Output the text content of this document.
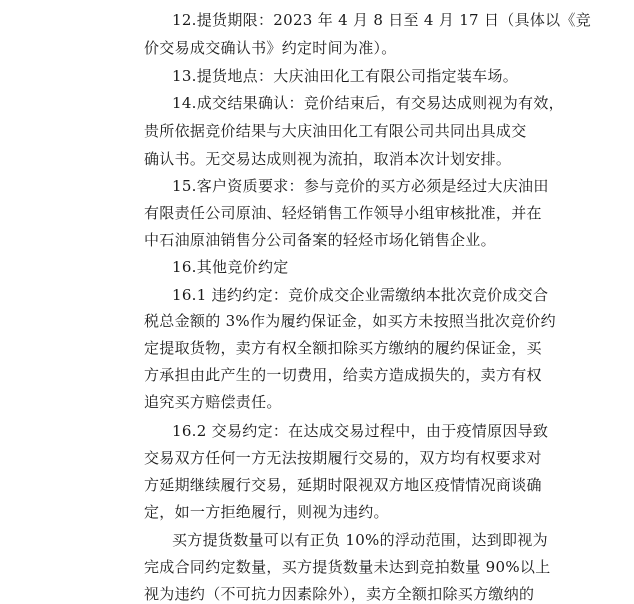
12.提货期限：2023 年 4 月 8 日至 4 月 17 日（具体以《竞
价交易成交确认书》约定时间为准）。
13.提货地点：大庆油田化工有限公司指定装车场。
14.成交结果确认：竞价结束后，有交易达成则视为有效，
贵所依据竞价结果与大庆油田化工有限公司共同出具成交
确认书。无交易达成则视为流拍，取消本次计划安排。
15.客户资质要求：参与竞价的买方必须是经过大庆油田
有限责任公司原油、轻烃销售工作领导小组审核批准，并在
中石油原油销售分公司备案的轻烃市场化销售企业。
16.其他竞价约定
16.1 违约约定：竞价成交企业需缴纳本批次竞价成交合
税总金额的 3%作为履约保证金，如买方未按照当批次竞价约
定提取货物，卖方有权全额扣除买方缴纳的履约保证金，买
方承担由此产生的一切费用，给卖方造成损失的，卖方有权
追究买方赔偿责任。
16.2 交易约定：在达成交易过程中，由于疫情原因导致
交易双方任何一方无法按期履行交易的，双方均有权要求对
方延期继续履行交易，延期时限视双方地区疫情情况商谈确
定，如一方拒绝履行，则视为违约。
买方提货数量可以有正负 10%的浮动范围，达到即视为
完成合同约定数量，买方提货数量未达到竞拍数量 90%以上
视为违约（不可抗力因素除外），卖方全额扣除买方缴纳的
